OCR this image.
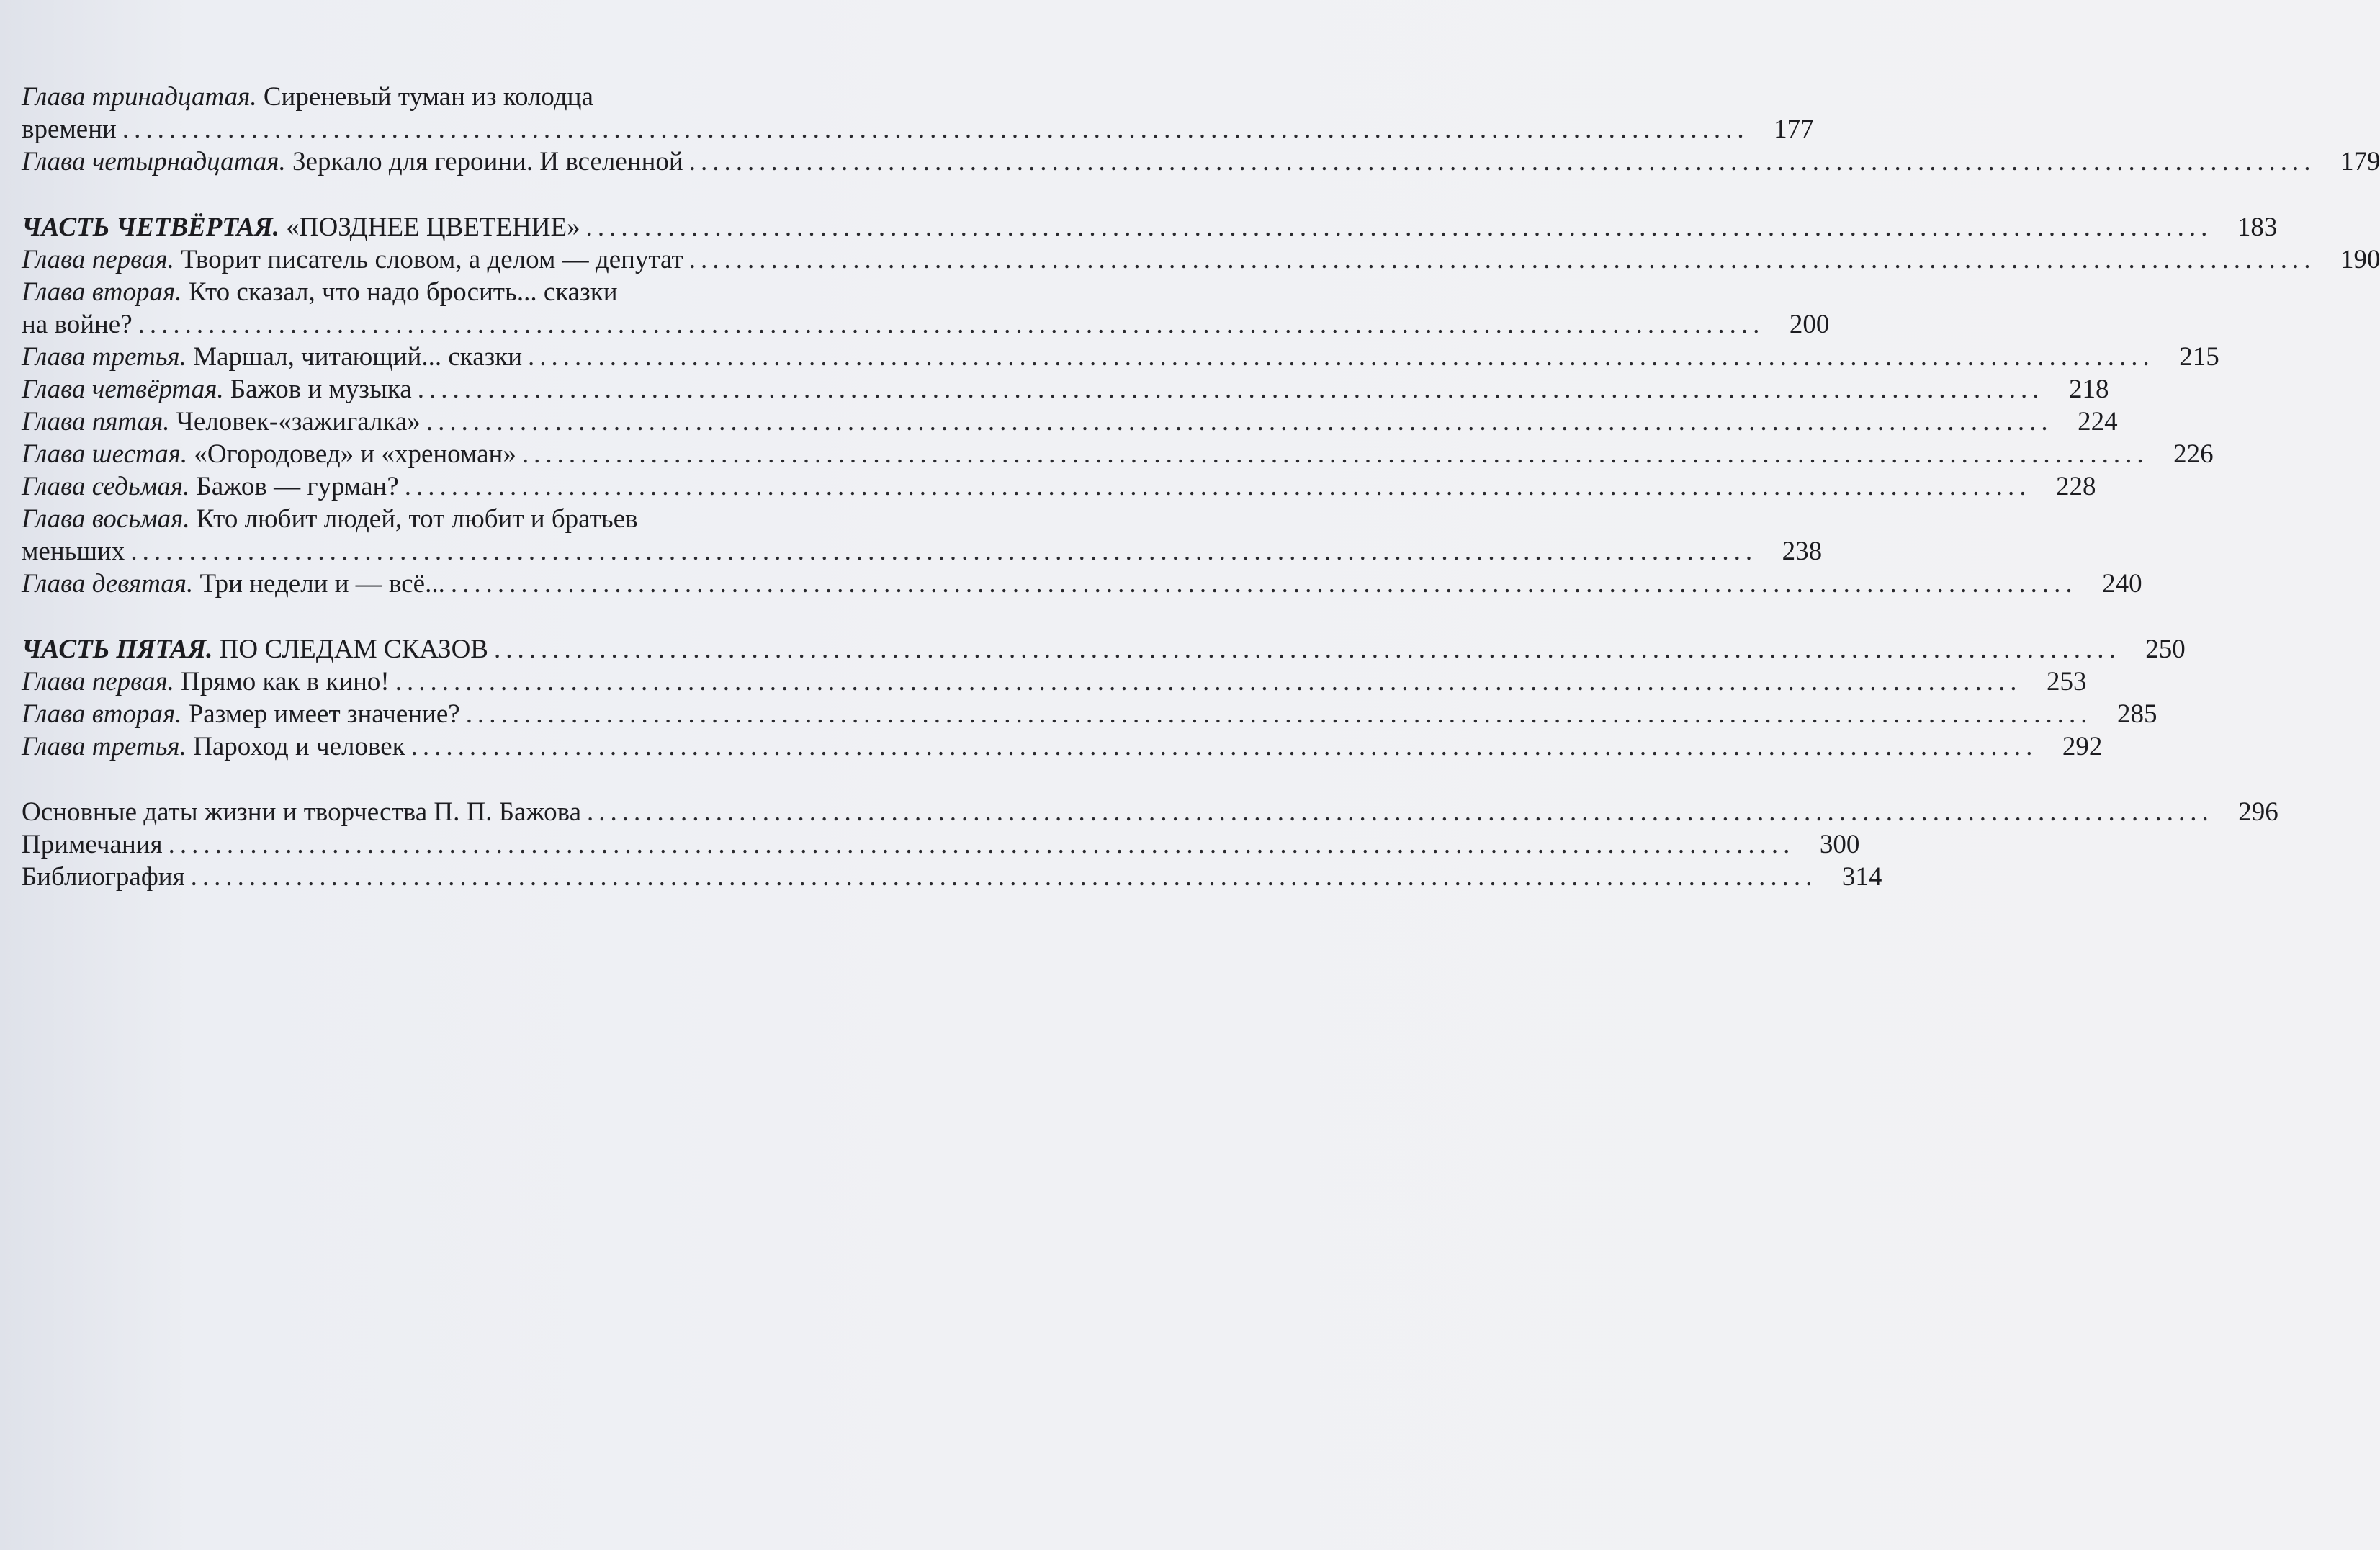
Глава тринадцатая. Сиреневый туман из колодца
времени ........................................................................................................................................... 177
Глава четырнадцатая. Зеркало для героини. И вселенной ........................................................................................................................................... 179
ЧАСТЬ ЧЕТВЁРТАЯ. «ПОЗДНЕЕ ЦВЕТЕНИЕ» ........................................................................................................................................... 183
Глава первая. Творит писатель словом, а делом — депутат ........................................................................................................................................... 190
Глава вторая. Кто сказал, что надо бросить... сказки
на войне? ........................................................................................................................................... 200
Глава третья. Маршал, читающий... сказки ........................................................................................................................................... 215
Глава четвёртая. Бажов и музыка ........................................................................................................................................... 218
Глава пятая. Человек-«зажигалка» ........................................................................................................................................... 224
Глава шестая. «Огородовед» и «хреноман» ........................................................................................................................................... 226
Глава седьмая. Бажов — гурман? ........................................................................................................................................... 228
Глава восьмая. Кто любит людей, тот любит и братьев
меньших ........................................................................................................................................... 238
Глава девятая. Три недели и — всё... ........................................................................................................................................... 240
ЧАСТЬ ПЯТАЯ. ПО СЛЕДАМ СКАЗОВ ........................................................................................................................................... 250
Глава первая. Прямо как в кино! ........................................................................................................................................... 253
Глава вторая. Размер имеет значение? ........................................................................................................................................... 285
Глава третья. Пароход и человек ........................................................................................................................................... 292
Основные даты жизни и творчества П. П. Бажова ........................................................................................................................................... 296
Примечания ........................................................................................................................................... 300
Библиография ........................................................................................................................................... 314
